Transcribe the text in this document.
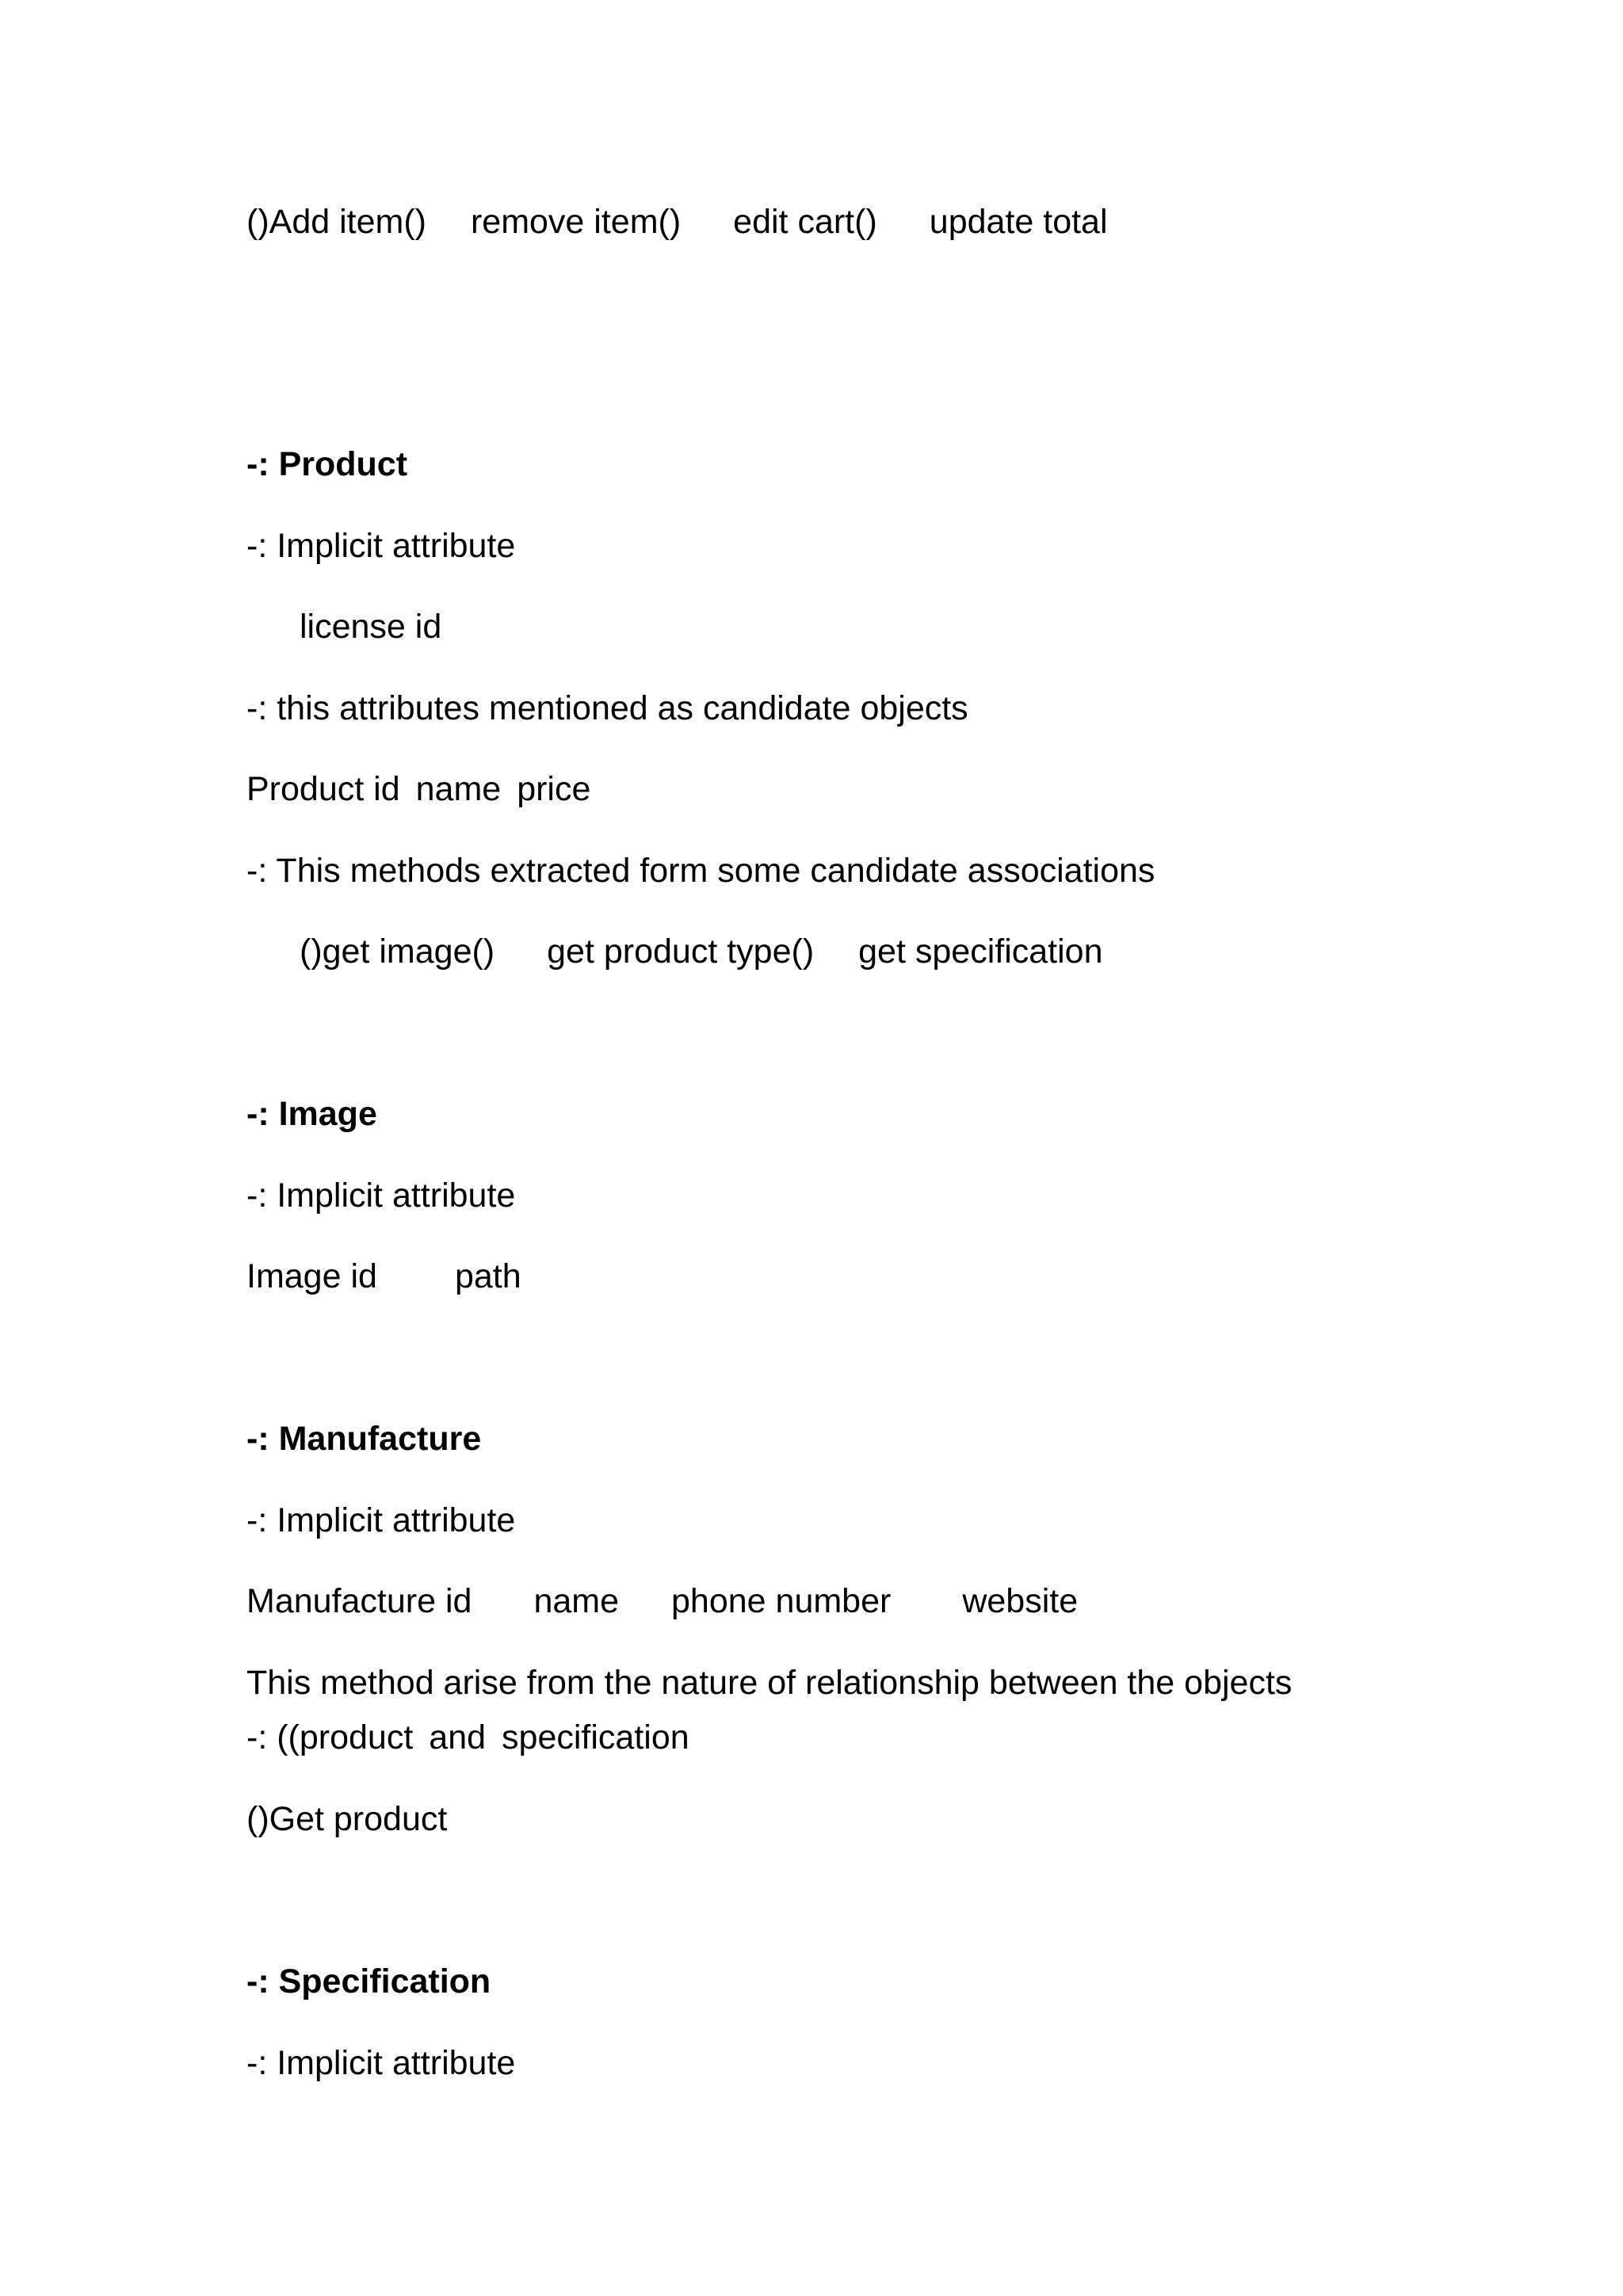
()Add item() remove item() edit cart() update total
-: Product
-: Implicit attribute
license id
-: this attributes mentioned as candidate objects
Product id name price
-: This methods extracted form some candidate associations
()get image() get product type() get specification
-: Image
-: Implicit attribute
Image id path
-: Manufacture
-: Implicit attribute
Manufacture id name phone number website
This method arise from the nature of relationship between the objects
-: ((product and specification
()Get product
-: Specification
-: Implicit attribute
